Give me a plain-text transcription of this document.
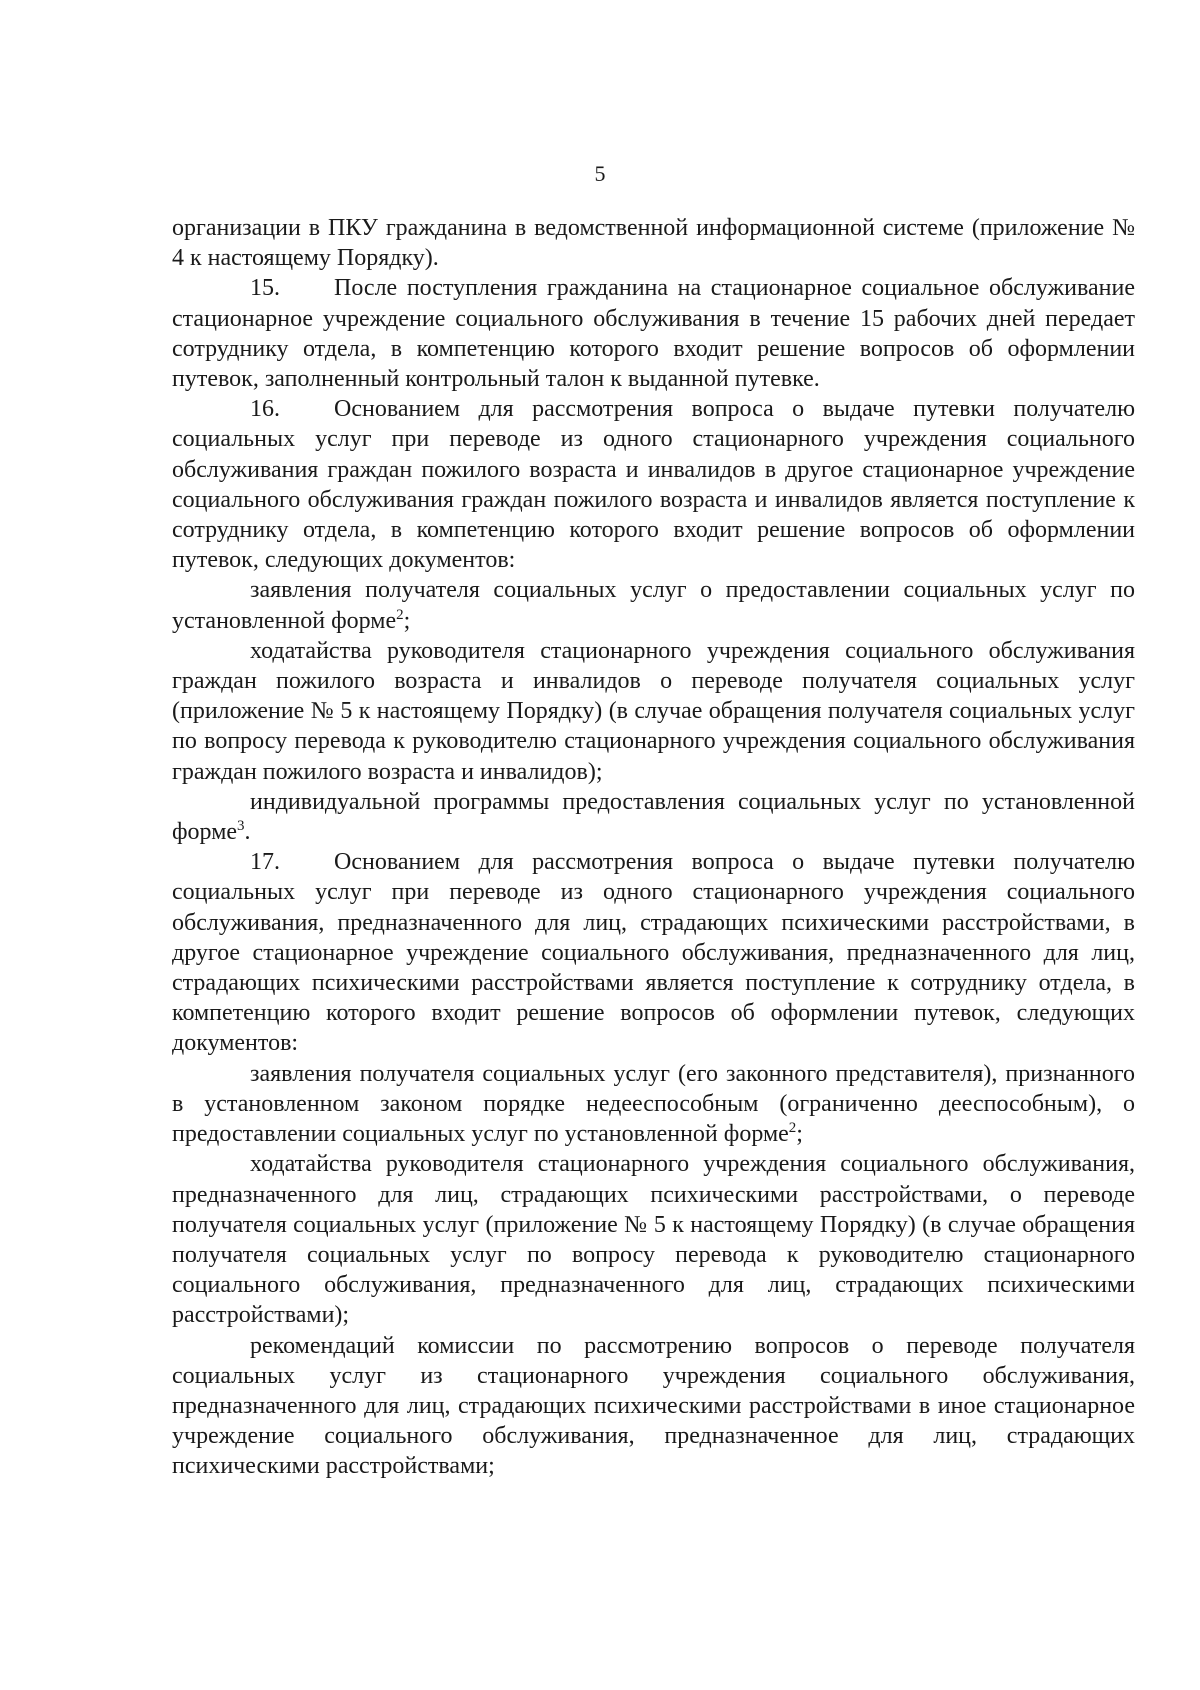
5

организации в ПКУ гражданина в ведомственной информационной системе (приложение № 4 к настоящему Порядку).

15. После поступления гражданина на стационарное социальное обслуживание стационарное учреждение социального обслуживания в течение 15 рабочих дней передает сотруднику отдела, в компетенцию которого входит решение вопросов об оформлении путевок, заполненный контрольный талон к выданной путевке.

16. Основанием для рассмотрения вопроса о выдаче путевки получателю социальных услуг при переводе из одного стационарного учреждения социального обслуживания граждан пожилого возраста и инвалидов в другое стационарное учреждение социального обслуживания граждан пожилого возраста и инвалидов является поступление к сотруднику отдела, в компетенцию которого входит решение вопросов об оформлении путевок, следующих документов:

заявления получателя социальных услуг о предоставлении социальных услуг по установленной форме$^2$;

ходатайства руководителя стационарного учреждения социального обслуживания граждан пожилого возраста и инвалидов о переводе получателя социальных услуг (приложение № 5 к настоящему Порядку) (в случае обращения получателя социальных услуг по вопросу перевода к руководителю стационарного учреждения социального обслуживания граждан пожилого возраста и инвалидов);

индивидуальной программы предоставления социальных услуг по установленной форме$^3$.

17. Основанием для рассмотрения вопроса о выдаче путевки получателю социальных услуг при переводе из одного стационарного учреждения социального обслуживания, предназначенного для лиц, страдающих психическими расстройствами, в другое стационарное учреждение социального обслуживания, предназначенного для лиц, страдающих психическими расстройствами является поступление к сотруднику отдела, в компетенцию которого входит решение вопросов об оформлении путевок, следующих документов:

заявления получателя социальных услуг (его законного представителя), признанного в установленном законом порядке недееспособным (ограниченно дееспособным), о предоставлении социальных услуг по установленной форме$^2$;

ходатайства руководителя стационарного учреждения социального обслуживания, предназначенного для лиц, страдающих психическими расстройствами, о переводе получателя социальных услуг (приложение № 5 к настоящему Порядку) (в случае обращения получателя социальных услуг по вопросу перевода к руководителю стационарного социального обслуживания, предназначенного для лиц, страдающих психическими расстройствами);

рекомендаций комиссии по рассмотрению вопросов о переводе получателя социальных услуг из стационарного учреждения социального обслуживания, предназначенного для лиц, страдающих психическими расстройствами в иное стационарное учреждение социального обслуживания, предназначенное для лиц, страдающих психическими расстройствами;
